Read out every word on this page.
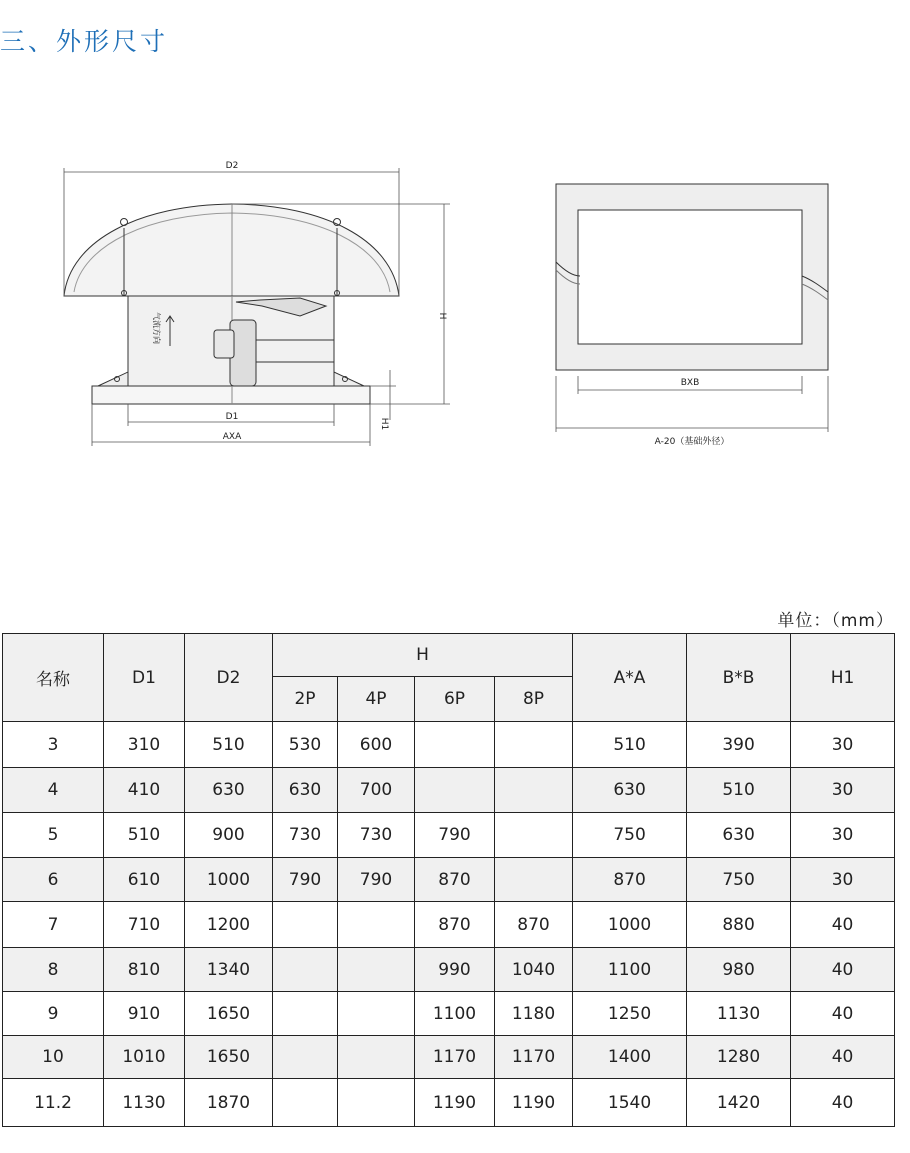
三、外形尺寸
D2
H
D1
AXA
H1
气流方向
BXB
A-20（基础外径）
单位：（mm）
名称	D1	D2	H				A*A	B*B	H1
			2P	4P	6P	8P			
3	310	510	530	600			510	390	30
4	410	630	630	700			630	510	30
5	510	900	730	730	790		750	630	30
6	610	1000	790	790	870		870	750	30
7	710	1200			870	870	1000	880	40
8	810	1340			990	1040	1100	980	40
9	910	1650			1100	1180	1250	1130	40
10	1010	1650			1170	1170	1400	1280	40
11.2	1130	1870			1190	1190	1540	1420	40
